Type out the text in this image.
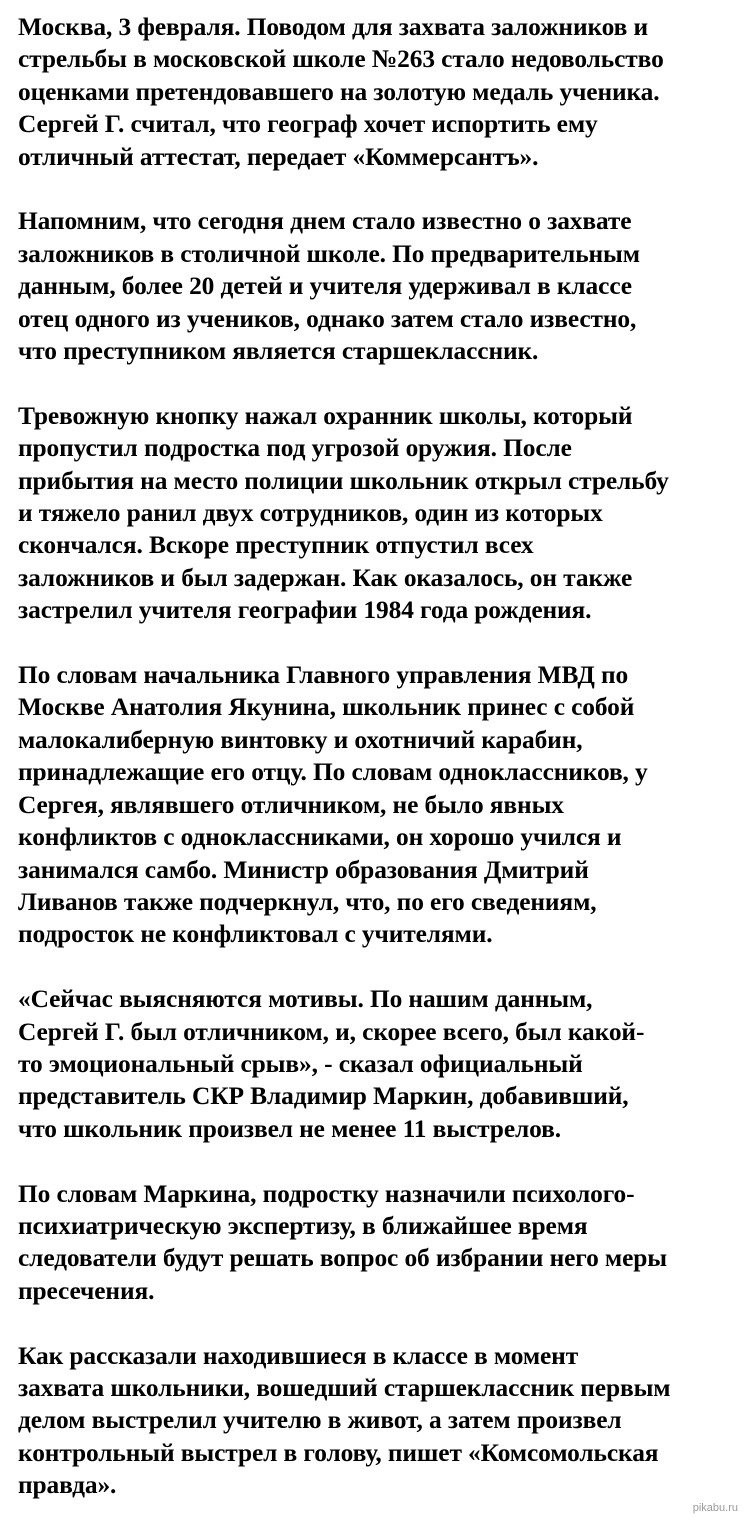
Москва, 3 февраля. Поводом для захвата заложников и
стрельбы в московской школе №263 стало недовольство
оценками претендовавшего на золотую медаль ученика.
Сергей Г. считал, что географ хочет испортить ему
отличный аттестат, передает «Коммерсантъ».

Напомним, что сегодня днем стало известно о захвате
заложников в столичной школе. По предварительным
данным, более 20 детей и учителя удерживал в классе
отец одного из учеников, однако затем стало известно,
что преступником является старшеклассник.

Тревожную кнопку нажал охранник школы, который
пропустил подростка под угрозой оружия. После
прибытия на место полиции школьник открыл стрельбу
и тяжело ранил двух сотрудников, один из которых
скончался. Вскоре преступник отпустил всех
заложников и был задержан. Как оказалось, он также
застрелил учителя географии 1984 года рождения.

По словам начальника Главного управления МВД по
Москве Анатолия Якунина, школьник принес с собой
малокалиберную винтовку и охотничий карабин,
принадлежащие его отцу. По словам одноклассников, у
Сергея, являвшего отличником, не было явных
конфликтов с одноклассниками, он хорошо учился и
занимался самбо. Министр образования Дмитрий
Ливанов также подчеркнул, что, по его сведениям,
подросток не конфликтовал с учителями.

«Сейчас выясняются мотивы. По нашим данным,
Сергей Г. был отличником, и, скорее всего, был какой-
то эмоциональный срыв», - сказал официальный
представитель СКР Владимир Маркин, добавивший,
что школьник произвел не менее 11 выстрелов.

По словам Маркина, подростку назначили психолого-
психиатрическую экспертизу, в ближайшее время
следователи будут решать вопрос об избрании него меры
пресечения.

Как рассказали находившиеся в классе в момент
захвата школьники, вошедший старшеклассник первым
делом выстрелил учителю в живот, а затем произвел
контрольный выстрел в голову, пишет «Комсомольская
правда».

pikabu.ru
